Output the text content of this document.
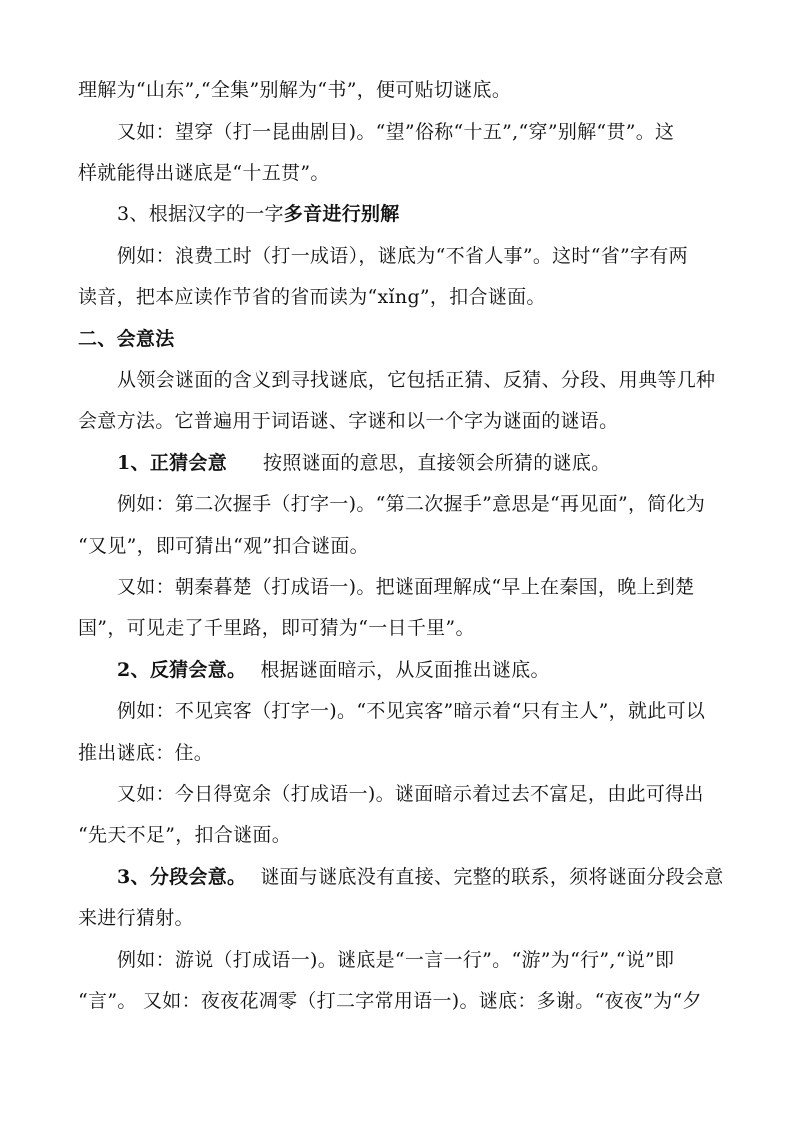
理解为“山东”,“全集”别解为“书”，便可贴切谜底。
又如：望穿（打一昆曲剧目)。“望”俗称“十五”,“穿”别解“贯”。这
样就能得出谜底是“十五贯”。
3、根据汉字的一字多音进行别解
例如：浪费工时（打一成语），谜底为“不省人事”。这时“省”字有两
读音，把本应读作节省的省而读为“xǐng”，扣合谜面。
二、会意法
从领会谜面的含义到寻找谜底，它包括正猜、反猜、分段、用典等几种
会意方法。它普遍用于词语谜、字谜和以一个字为谜面的谜语。
1、正猜会意 按照谜面的意思，直接领会所猜的谜底。
例如：第二次握手（打字一)。“第二次握手”意思是“再见面”，简化为
“又见”，即可猜出“观”扣合谜面。
又如：朝秦暮楚（打成语一)。把谜面理解成“早上在秦国，晚上到楚
国”，可见走了千里路，即可猜为“一日千里”。
2、反猜会意。 根据谜面暗示，从反面推出谜底。
例如：不见宾客（打字一)。“不见宾客”暗示着“只有主人”，就此可以
推出谜底：住。
又如：今日得宽余（打成语一)。谜面暗示着过去不富足，由此可得出
“先天不足”，扣合谜面。
3、分段会意。 谜面与谜底没有直接、完整的联系，须将谜面分段会意
来进行猜射。
例如：游说（打成语一)。谜底是“一言一行”。“游”为“行”,“说”即
“言”。 又如：夜夜花凋零（打二字常用语一)。谜底：多谢。“夜夜”为“夕
